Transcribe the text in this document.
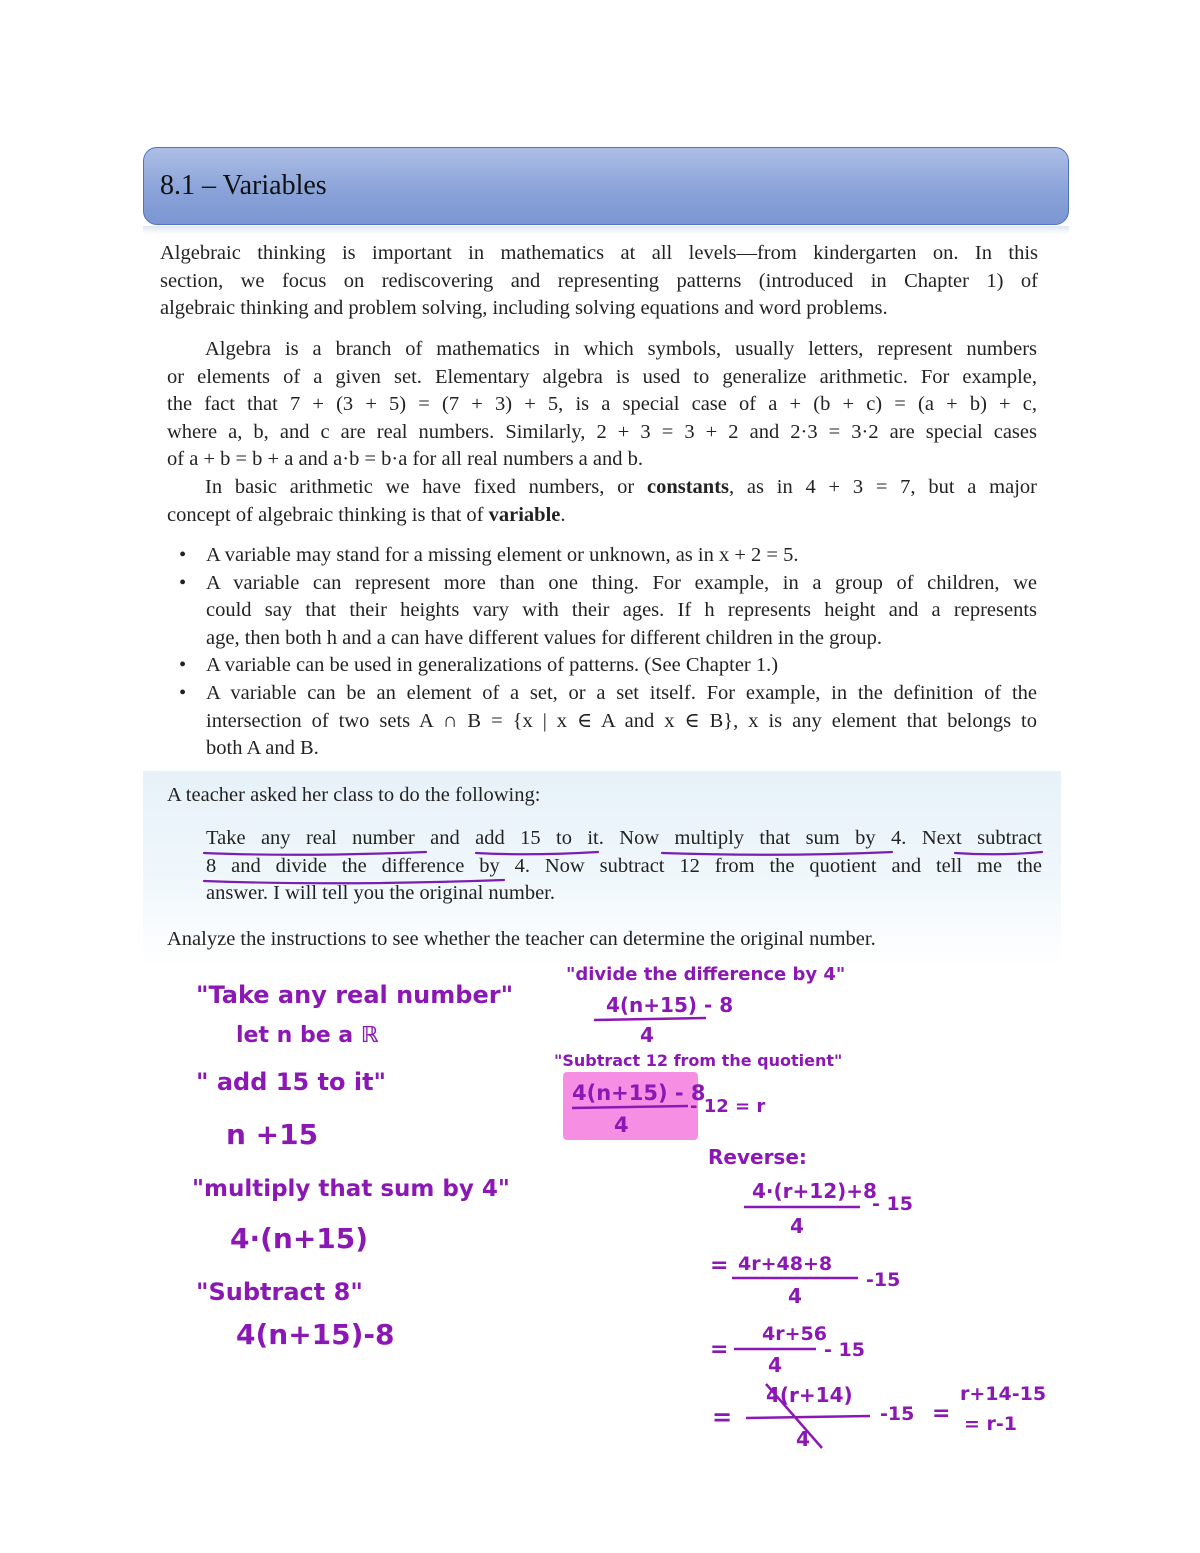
8.1 – Variables
Algebraic thinking is important in mathematics at all levels—from kindergarten on. In this
section, we focus on rediscovering and representing patterns (introduced in Chapter 1) of
algebraic thinking and problem solving, including solving equations and word problems.
Algebra is a branch of mathematics in which symbols, usually letters, represent numbers
or elements of a given set. Elementary algebra is used to generalize arithmetic. For example,
the fact that 7 + (3 + 5) = (7 + 3) + 5, is a special case of a + (b + c) = (a + b) + c,
where a, b, and c are real numbers. Similarly, 2 + 3 = 3 + 2 and 2·3 = 3·2 are special cases
of a + b = b + a and a·b = b·a for all real numbers a and b.
In basic arithmetic we have fixed numbers, or constants, as in 4 + 3 = 7, but a major
concept of algebraic thinking is that of variable.
• A variable may stand for a missing element or unknown, as in x + 2 = 5.
• A variable can represent more than one thing. For example, in a group of children, we
could say that their heights vary with their ages. If h represents height and a represents
age, then both h and a can have different values for different children in the group.
• A variable can be used in generalizations of patterns. (See Chapter 1.)
• A variable can be an element of a set, or a set itself. For example, in the definition of the
intersection of two sets A ∩ B = {x | x ∈ A and x ∈ B}, x is any element that belongs to
both A and B.
A teacher asked her class to do the following:
Take any real number and add 15 to it. Now multiply that sum by 4. Next subtract
8 and divide the difference by 4. Now subtract 12 from the quotient and tell me the
answer. I will tell you the original number.
Analyze the instructions to see whether the teacher can determine the original number.
"Take any real number"
let n be a ℝ
" add 15 to it"
n +15
"multiply that sum by 4"
4·(n+15)
"Subtract 8"
4(n+15)-8
"divide the difference by 4"
4(n+15) - 8
4
"Subtract 12 from the quotient"
4(n+15) - 8
4
- 12 = r
Reverse:
4·(r+12)+8
4
- 15
= 4r+48+8
4
-15
=
4r+56
4
- 15
=
4(r+14)
4
-15 =
r+14-15
= r-1
